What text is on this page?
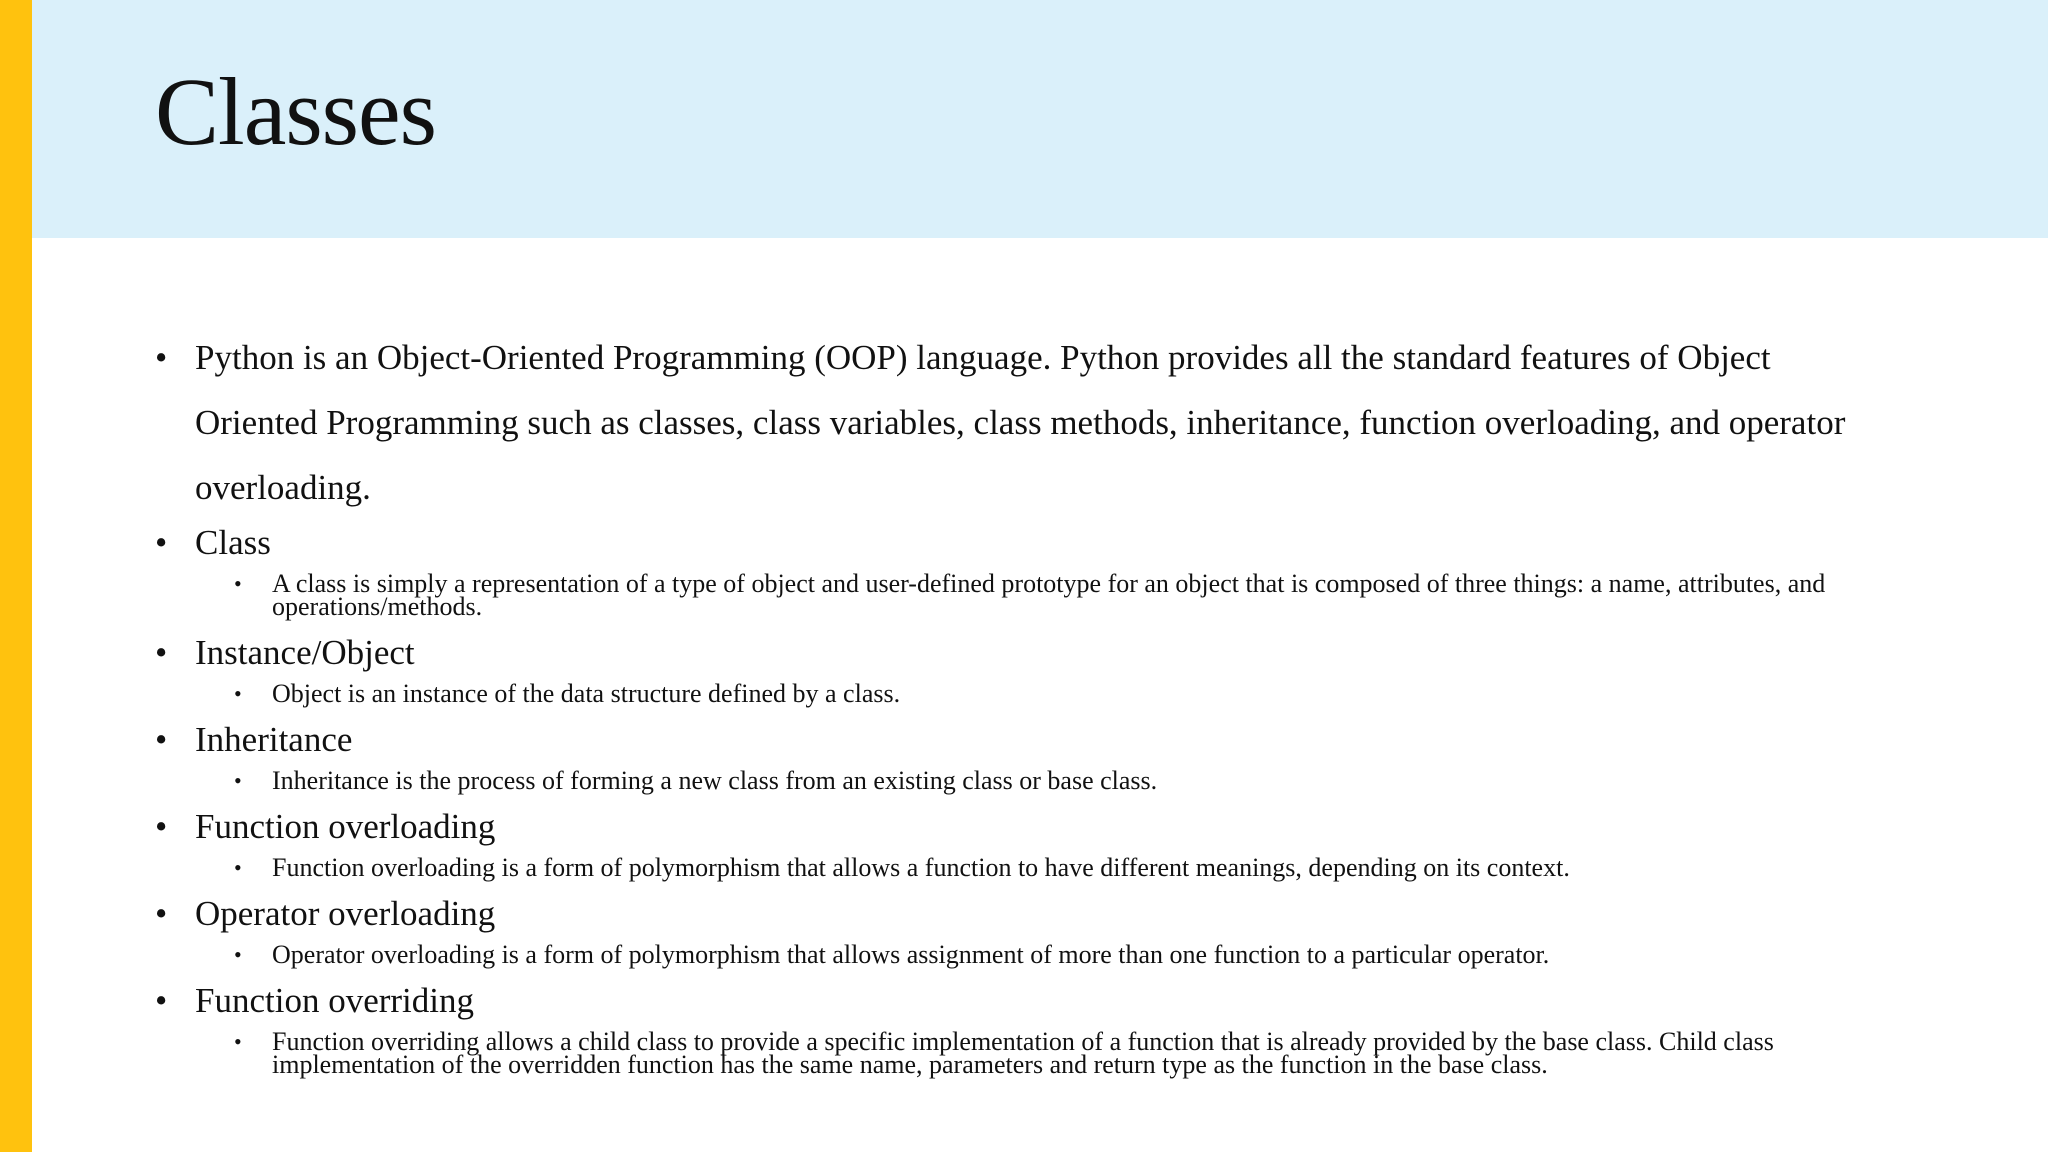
Classes
• Python is an Object-Oriented Programming (OOP) language. Python provides all the standard features of Object Oriented Programming such as classes, class variables, class methods, inheritance, function overloading, and operator overloading.
• Class
• A class is simply a representation of a type of object and user-defined prototype for an object that is composed of three things: a name, attributes, and operations/methods.
• Instance/Object
• Object is an instance of the data structure defined by a class.
• Inheritance
• Inheritance is the process of forming a new class from an existing class or base class.
• Function overloading
• Function overloading is a form of polymorphism that allows a function to have different meanings, depending on its context.
• Operator overloading
• Operator overloading is a form of polymorphism that allows assignment of more than one function to a particular operator.
• Function overriding
• Function overriding allows a child class to provide a specific implementation of a function that is already provided by the base class. Child class implementation of the overridden function has the same name, parameters and return type as the function in the base class.
